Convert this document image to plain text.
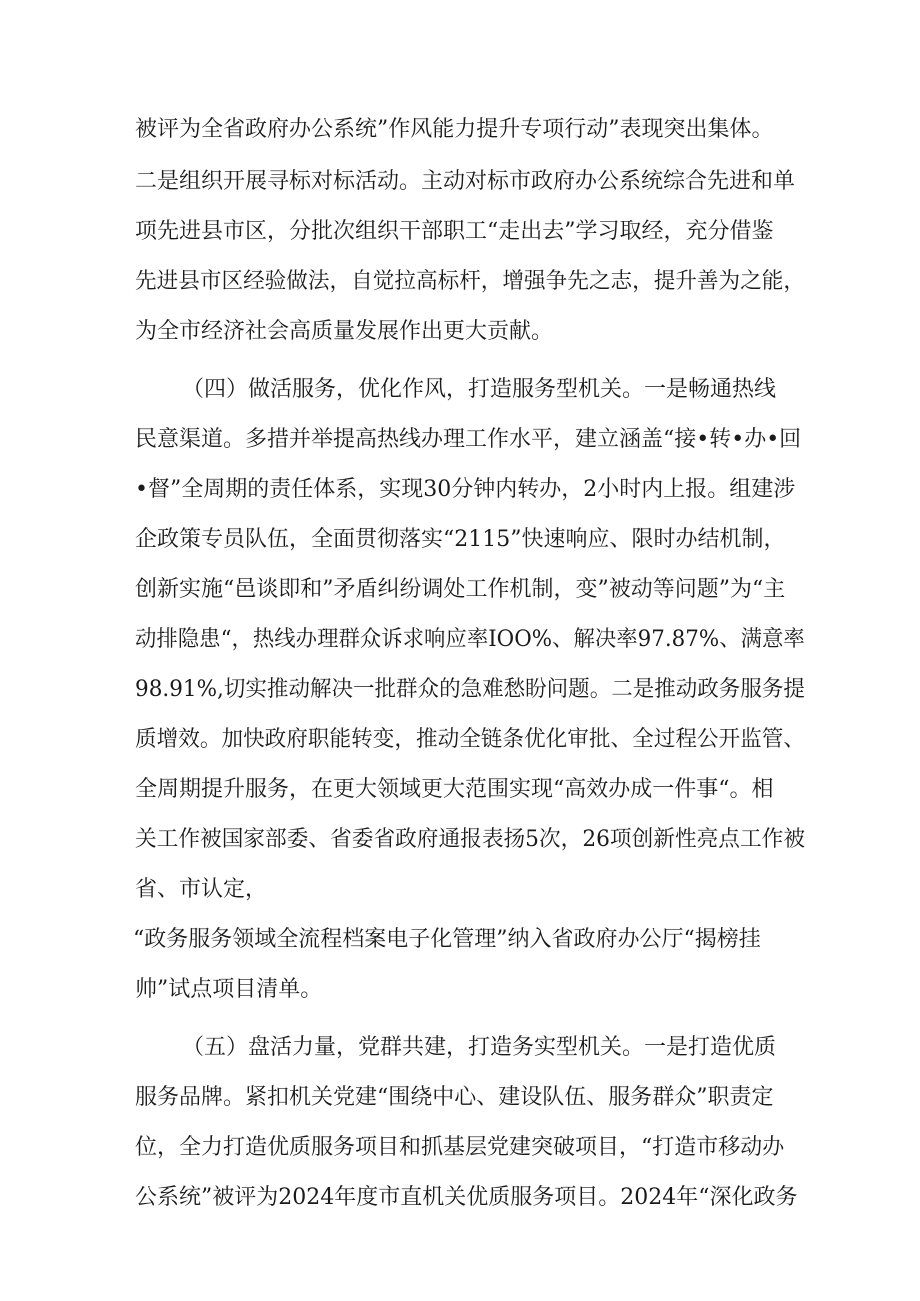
被评为全省政府办公系统”作风能力提升专项行动”表现突出集体。
二是组织开展寻标对标活动。主动对标市政府办公系统综合先进和单
项先进县市区，分批次组织干部职工“走出去”学习取经，充分借鉴
先进县市区经验做法，自觉拉高标杆，增强争先之志，提升善为之能，
为全市经济社会高质量发展作出更大贡献。
（四）做活服务，优化作风，打造服务型机关。一是畅通热线
民意渠道。多措并举提高热线办理工作水平，建立涵盖“接•转•办•回
•督”全周期的责任体系，实现30分钟内转办，2小时内上报。组建涉
企政策专员队伍，全面贯彻落实“2115”快速响应、限时办结机制，
创新实施“邑谈即和”矛盾纠纷调处工作机制，变”被动等问题”为“主
动排隐患“，热线办理群众诉求响应率IOO%、解决率97.87%、满意率
98.91%,切实推动解决一批群众的急难愁盼问题。二是推动政务服务提
质增效。加快政府职能转变，推动全链条优化审批、全过程公开监管、
全周期提升服务，在更大领域更大范围实现“高效办成一件事“。相
关工作被国家部委、省委省政府通报表扬5次，26项创新性亮点工作被
省、市认定，
“政务服务领域全流程档案电子化管理”纳入省政府办公厅“揭榜挂
帅”试点项目清单。
（五）盘活力量，党群共建，打造务实型机关。一是打造优质
服务品牌。紧扣机关党建“围绕中心、建设队伍、服务群众”职责定
位，全力打造优质服务项目和抓基层党建突破项目，“打造市移动办
公系统”被评为2024年度市直机关优质服务项目。2024年“深化政务
